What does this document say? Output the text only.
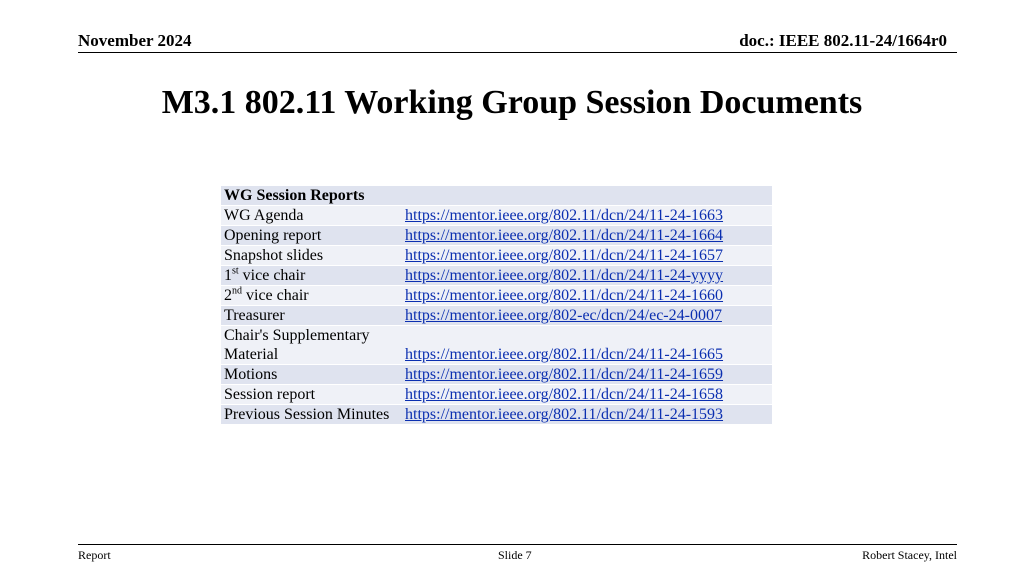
November 2024	doc.: IEEE 802.11-24/1664r0
M3.1 802.11 Working Group Session Documents
WG Session Reports	
WG Agenda	https://mentor.ieee.org/802.11/dcn/24/11-24-1663
Opening report	https://mentor.ieee.org/802.11/dcn/24/11-24-1664
Snapshot slides	https://mentor.ieee.org/802.11/dcn/24/11-24-1657
1st vice chair	https://mentor.ieee.org/802.11/dcn/24/11-24-yyyy
2nd vice chair	https://mentor.ieee.org/802.11/dcn/24/11-24-1660
Treasurer	https://mentor.ieee.org/802-ec/dcn/24/ec-24-0007
Chair's Supplementary
Material	https://mentor.ieee.org/802.11/dcn/24/11-24-1665
Motions	https://mentor.ieee.org/802.11/dcn/24/11-24-1659
Session report	https://mentor.ieee.org/802.11/dcn/24/11-24-1658
Previous Session Minutes	https://mentor.ieee.org/802.11/dcn/24/11-24-1593
Report	Slide 7	Robert Stacey, Intel
